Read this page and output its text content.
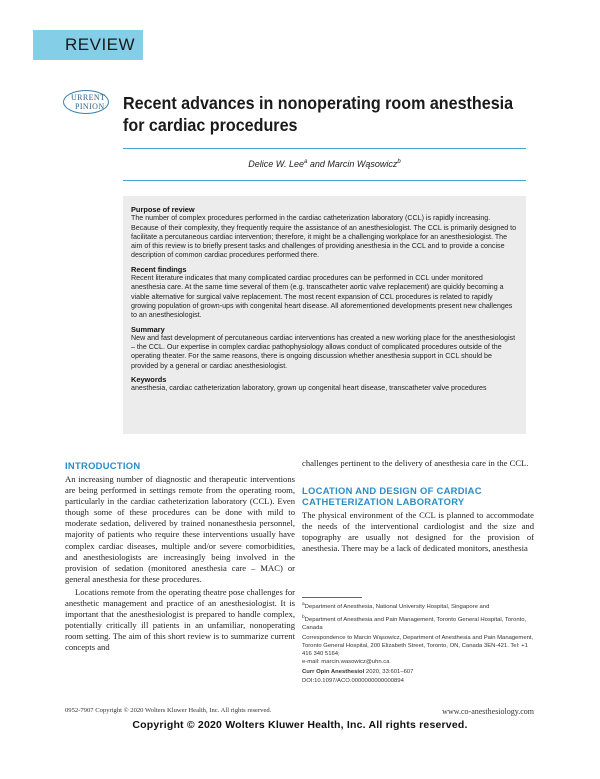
REVIEW
URRENT
PINION Recent advances in nonoperating room anesthesia
for cardiac procedures
Delice W. Lee$^a$ and Marcin Wąsowicz$^b$
Purpose of review

The number of complex procedures performed in the cardiac catheterization laboratory (CCL) is rapidly increasing. Because of their complexity, they frequently require the assistance of an anesthesiologist. The CCL is primarily designed to facilitate a percutaneous cardiac intervention; therefore, it might be a challenging workplace for an anesthesiologist. The aim of this review is to briefly present tasks and challenges of providing anesthesia in the CCL and to provide a concise description of common cardiac procedures performed there.

Recent findings

Recent literature indicates that many complicated cardiac procedures can be performed in CCL under monitored anesthesia care. At the same time several of them (e.g. transcatheter aortic valve replacement) are quickly becoming a viable alternative for surgical valve replacement. The most recent expansion of CCL procedures is related to rapidly growing population of grown-ups with congenital heart disease. All aforementioned developments present new challenges to an anesthesiologist.

Summary

New and fast development of percutaneous cardiac interventions has created a new working place for the anesthesiologist – the CCL. Our expertise in complex cardiac pathophysiology allows conduct of complicated procedures outside of the operating theater. For the same reasons, there is ongoing discussion whether anesthesia support in CCL should be provided by a general or cardiac anesthesiologist.

Keywords

anesthesia, cardiac catheterization laboratory, grown up congenital heart disease, transcatheter valve procedures

INTRODUCTION

An increasing number of diagnostic and therapeutic interventions are being performed in settings remote from the operating room, particularly in the cardiac catheterization laboratory (CCL). Even though some of these procedures can be done with mild to moderate sedation, delivered by trained nonanesthesia personnel, majority of patients who require these interventions usually have complex cardiac diseases, multiple and/or severe comorbidities, and anesthesiologists are increasingly being involved in the provision of sedation (monitored anesthesia care – MAC) or general anesthesia for these procedures.

Locations remote from the operating theatre pose challenges for anesthetic management and practice of an anesthesiologist. It is important that the anesthesiologist is prepared to handle complex, potentially critically ill patients in an unfamiliar, nonoperating room setting. The aim of this short review is to summarize current concepts and

challenges pertinent to the delivery of anesthesia care in the CCL.

LOCATION AND DESIGN OF CARDIAC
CATHETERIZATION LABORATORY

The physical environment of the CCL is planned to accommodate the needs of the interventional cardiologist and the size and topography are usually not designed for the provision of anesthesia. There may be a lack of dedicated monitors, anesthesia

$^a$Department of Anesthesia, National University Hospital, Singapore and

$^b$Department of Anesthesia and Pain Management, Toronto General Hospital, Toronto, Canada

Correspondence to Marcin Wąsowicz, Department of Anesthesia and Pain Management, Toronto General Hospital, 200 Elizabeth Street, Toronto, ON, Canada 3EN-421. Tel: +1 416 340 5164;

e-mail: marcin.wasowicz@uhn.ca

Curr Opin Anesthesiol 2020, 33:601–607

DOI:10.1097/ACO.0000000000000894

0952-7907 Copyright © 2020 Wolters Kluwer Health, Inc. All rights reserved.	www.co-anesthesiology.com
Copyright © 2020 Wolters Kluwer Health, Inc. All rights reserved.
